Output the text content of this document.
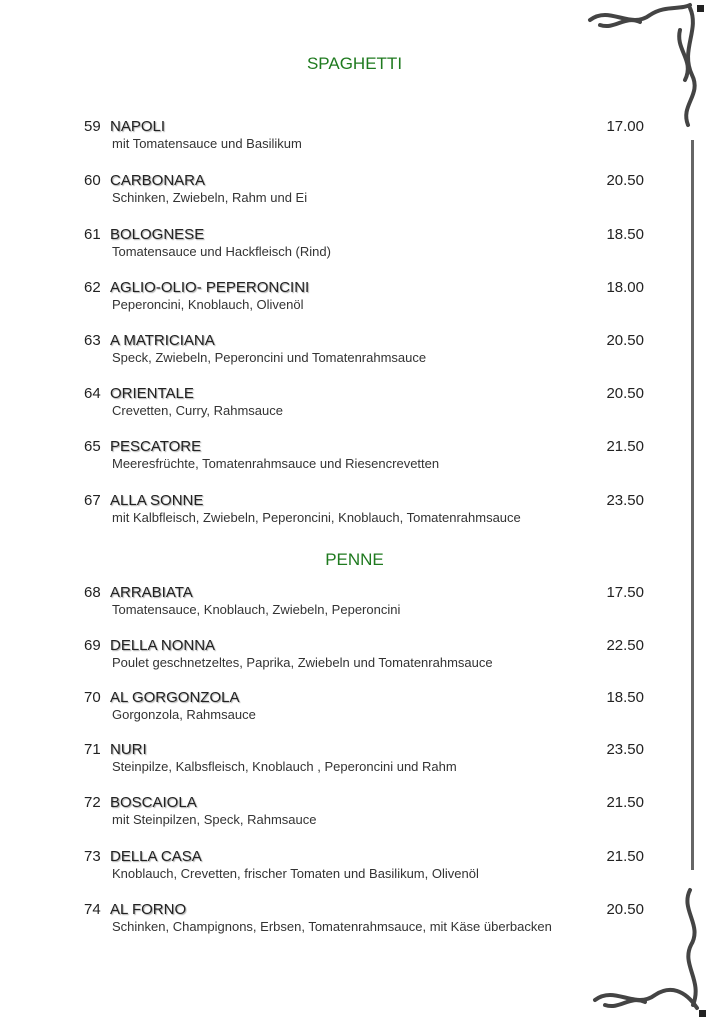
SPAGHETTI
PENNE
59 NAPOLI	17.00
mit Tomatensauce und Basilikum
60 CARBONARA	20.50
Schinken, Zwiebeln, Rahm und Ei
61 BOLOGNESE	18.50
Tomatensauce und Hackfleisch (Rind)
62 AGLIO-OLIO- PEPERONCINI	18.00
Peperoncini, Knoblauch, Olivenöl
63 A MATRICIANA	20.50
Speck, Zwiebeln, Peperoncini und Tomatenrahmsauce
64 ORIENTALE	20.50
Crevetten, Curry, Rahmsauce
65 PESCATORE	21.50
Meeresfrüchte, Tomatenrahmsauce und Riesencrevetten
67 ALLA SONNE	23.50
mit Kalbfleisch, Zwiebeln, Peperoncini, Knoblauch, Tomatenrahmsauce
68 ARRABIATA	17.50
Tomatensauce, Knoblauch, Zwiebeln, Peperoncini
69 DELLA NONNA	22.50
Poulet geschnetzeltes, Paprika, Zwiebeln und Tomatenrahmsauce
70 AL GORGONZOLA	18.50
Gorgonzola, Rahmsauce
71 NURI	23.50
Steinpilze, Kalbsfleisch, Knoblauch , Peperoncini und Rahm
72 BOSCAIOLA	21.50
mit Steinpilzen, Speck, Rahmsauce
73 DELLA CASA	21.50
Knoblauch, Crevetten, frischer Tomaten und Basilikum, Olivenöl
74 AL FORNO	20.50
Schinken, Champignons, Erbsen, Tomatenrahmsauce, mit Käse überbacken
